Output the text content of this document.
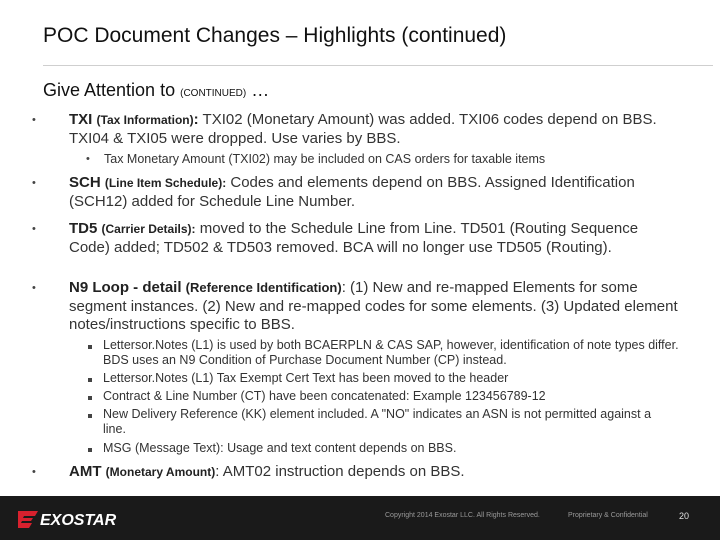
POC Document Changes – Highlights (continued)
Give Attention to (CONTINUED) …
• TXI (Tax Information): TXI02 (Monetary Amount) was added. TXI06 codes depend on BBS. TXI04 & TXI05 were dropped. Use varies by BBS.
• Tax Monetary Amount (TXI02) may be included on CAS orders for taxable items
• SCH (Line Item Schedule): Codes and elements depend on BBS. Assigned Identification (SCH12) added for Schedule Line Number.
• TD5 (Carrier Details): moved to the Schedule Line from Line. TD501 (Routing Sequence Code) added; TD502 & TD503 removed. BCA will no longer use TD505 (Routing).
• N9 Loop - detail (Reference Identification): (1) New and re-mapped Elements for some segment instances. (2) New and re-mapped codes for some elements. (3) Updated element notes/instructions specific to BBS.
Lettersor.Notes (L1) is used by both BCAERPLN & CAS SAP, however, identification of note types differ. BDS uses an N9 Condition of Purchase Document Number (CP) instead.
Lettersor.Notes (L1) Tax Exempt Cert Text has been moved to the header
Contract & Line Number (CT) have been concatenated: Example 123456789-12
New Delivery Reference (KK) element included. A "NO" indicates an ASN is not permitted against a line.
MSG (Message Text): Usage and text content depends on BBS.
• AMT (Monetary Amount): AMT02 instruction depends on BBS.
EXOSTAR	Copyright 2014 Exostar LLC. All Rights Reserved.	Proprietary & Confidential	20
